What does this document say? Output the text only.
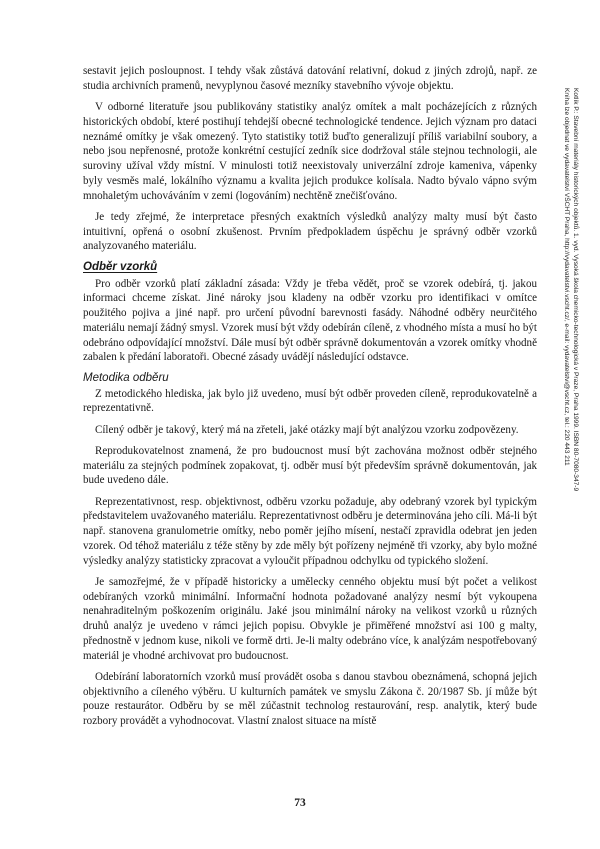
sestavit jejich posloupnost. I tehdy však zůstává datování relativní, dokud z jiných zdrojů, např. ze studia archivních pramenů, nevyplynou časové mezníky stavebního vývoje objektu.

V odborné literatuře jsou publikovány statistiky analýz omítek a malt pocházejících z různých historických období, které postihují tehdejší obecné technologické tendence. Jejich význam pro dataci neznámé omítky je však omezený. Tyto statistiky totiž buďto generalizují příliš variabilní soubory, a nebo jsou nepřenosné, protože konkrétní cestující zedník sice dodržoval stále stejnou technologii, ale suroviny užíval vždy místní. V minulosti totiž neexistovaly univerzální zdroje kameniva, vápenky byly vesměs malé, lokálního významu a kvalita jejich produkce kolísala. Nadto bývalo vápno svým mnohaletým uchováváním v zemi (logováním) nechtěně znečišťováno.

Je tedy zřejmé, že interpretace přesných exaktních výsledků analýzy malty musí být často intuitivní, opřená o osobní zkušenost. Prvním předpokladem úspěchu je správný odběr vzorků analyzovaného materiálu.

Odběr vzorků

Pro odběr vzorků platí základní zásada: Vždy je třeba vědět, proč se vzorek odebírá, tj. jakou informaci chceme získat. Jiné nároky jsou kladeny na odběr vzorku pro identifikaci v omítce použitého pojiva a jiné např. pro určení původní barevnosti fasády. Náhodné odběry neurčitého materiálu nemají žádný smysl. Vzorek musí být vždy odebírán cíleně, z vhodného místa a musí ho být odebráno odpovídající množství. Dále musí být odběr správně dokumentován a vzorek omítky vhodně zabalen k předání laboratoři. Obecné zásady uvádějí následující odstavce.

Metodika odběru

Z metodického hlediska, jak bylo již uvedeno, musí být odběr proveden cíleně, reprodukovatelně a reprezentativně.

Cílený odběr je takový, který má na zřeteli, jaké otázky mají být analýzou vzorku zodpovězeny.

Reprodukovatelnost znamená, že pro budoucnost musí být zachována možnost odběr stejného materiálu za stejných podmínek zopakovat, tj. odběr musí být především správně dokumentován, jak bude uvedeno dále.

Reprezentativnost, resp. objektivnost, odběru vzorku požaduje, aby odebraný vzorek byl typickým představitelem uvažovaného materiálu. Reprezentativnost odběru je determinována jeho cíli. Má-li být např. stanovena granulometrie omítky, nebo poměr jejího mísení, nestačí zpravidla odebrat jen jeden vzorek. Od téhož materiálu z téže stěny by zde měly být pořízeny nejméně tři vzorky, aby bylo možné výsledky analýzy statisticky zpracovat a vyloučit případnou odchylku od typického složení.

Je samozřejmé, že v případě historicky a umělecky cenného objektu musí být počet a velikost odebíraných vzorků minimální. Informační hodnota požadované analýzy nesmí být vykoupena nenahraditelným poškozením originálu. Jaké jsou minimální nároky na velikost vzorků u různých druhů analýz je uvedeno v rámci jejich popisu. Obvykle je přiměřené množství asi 100 g malty, přednostně v jednom kuse, nikoli ve formě drti. Je-li malty odebráno více, k analýzám nespotřebovaný materiál je vhodné archivovat pro budoucnost.

Odebírání laboratorních vzorků musí provádět osoba s danou stavbou obeznámená, schopná jejich objektivního a cíleného výběru. U kulturních památek ve smyslu Zákona č. 20/1987 Sb. jí může být pouze restaurátor. Odběru by se měl zúčastnit technolog restaurování, resp. analytik, který bude rozbory provádět a vyhodnocovat. Vlastní znalost situace na místě

73
Kotlík P.: Stavební materiály historických objektů. 1. vyd. Vysoká škola chemicko-technologická v Praze, Praha 1999. ISBN 80-7080-347-9
Kniha lze objednat ve vydavatelství VŠCHT Praha, http://vydavatelstvi.vscht.cz/, e-mail: vydavatelstvi@vscht.cz, tel.: 220 443 211
